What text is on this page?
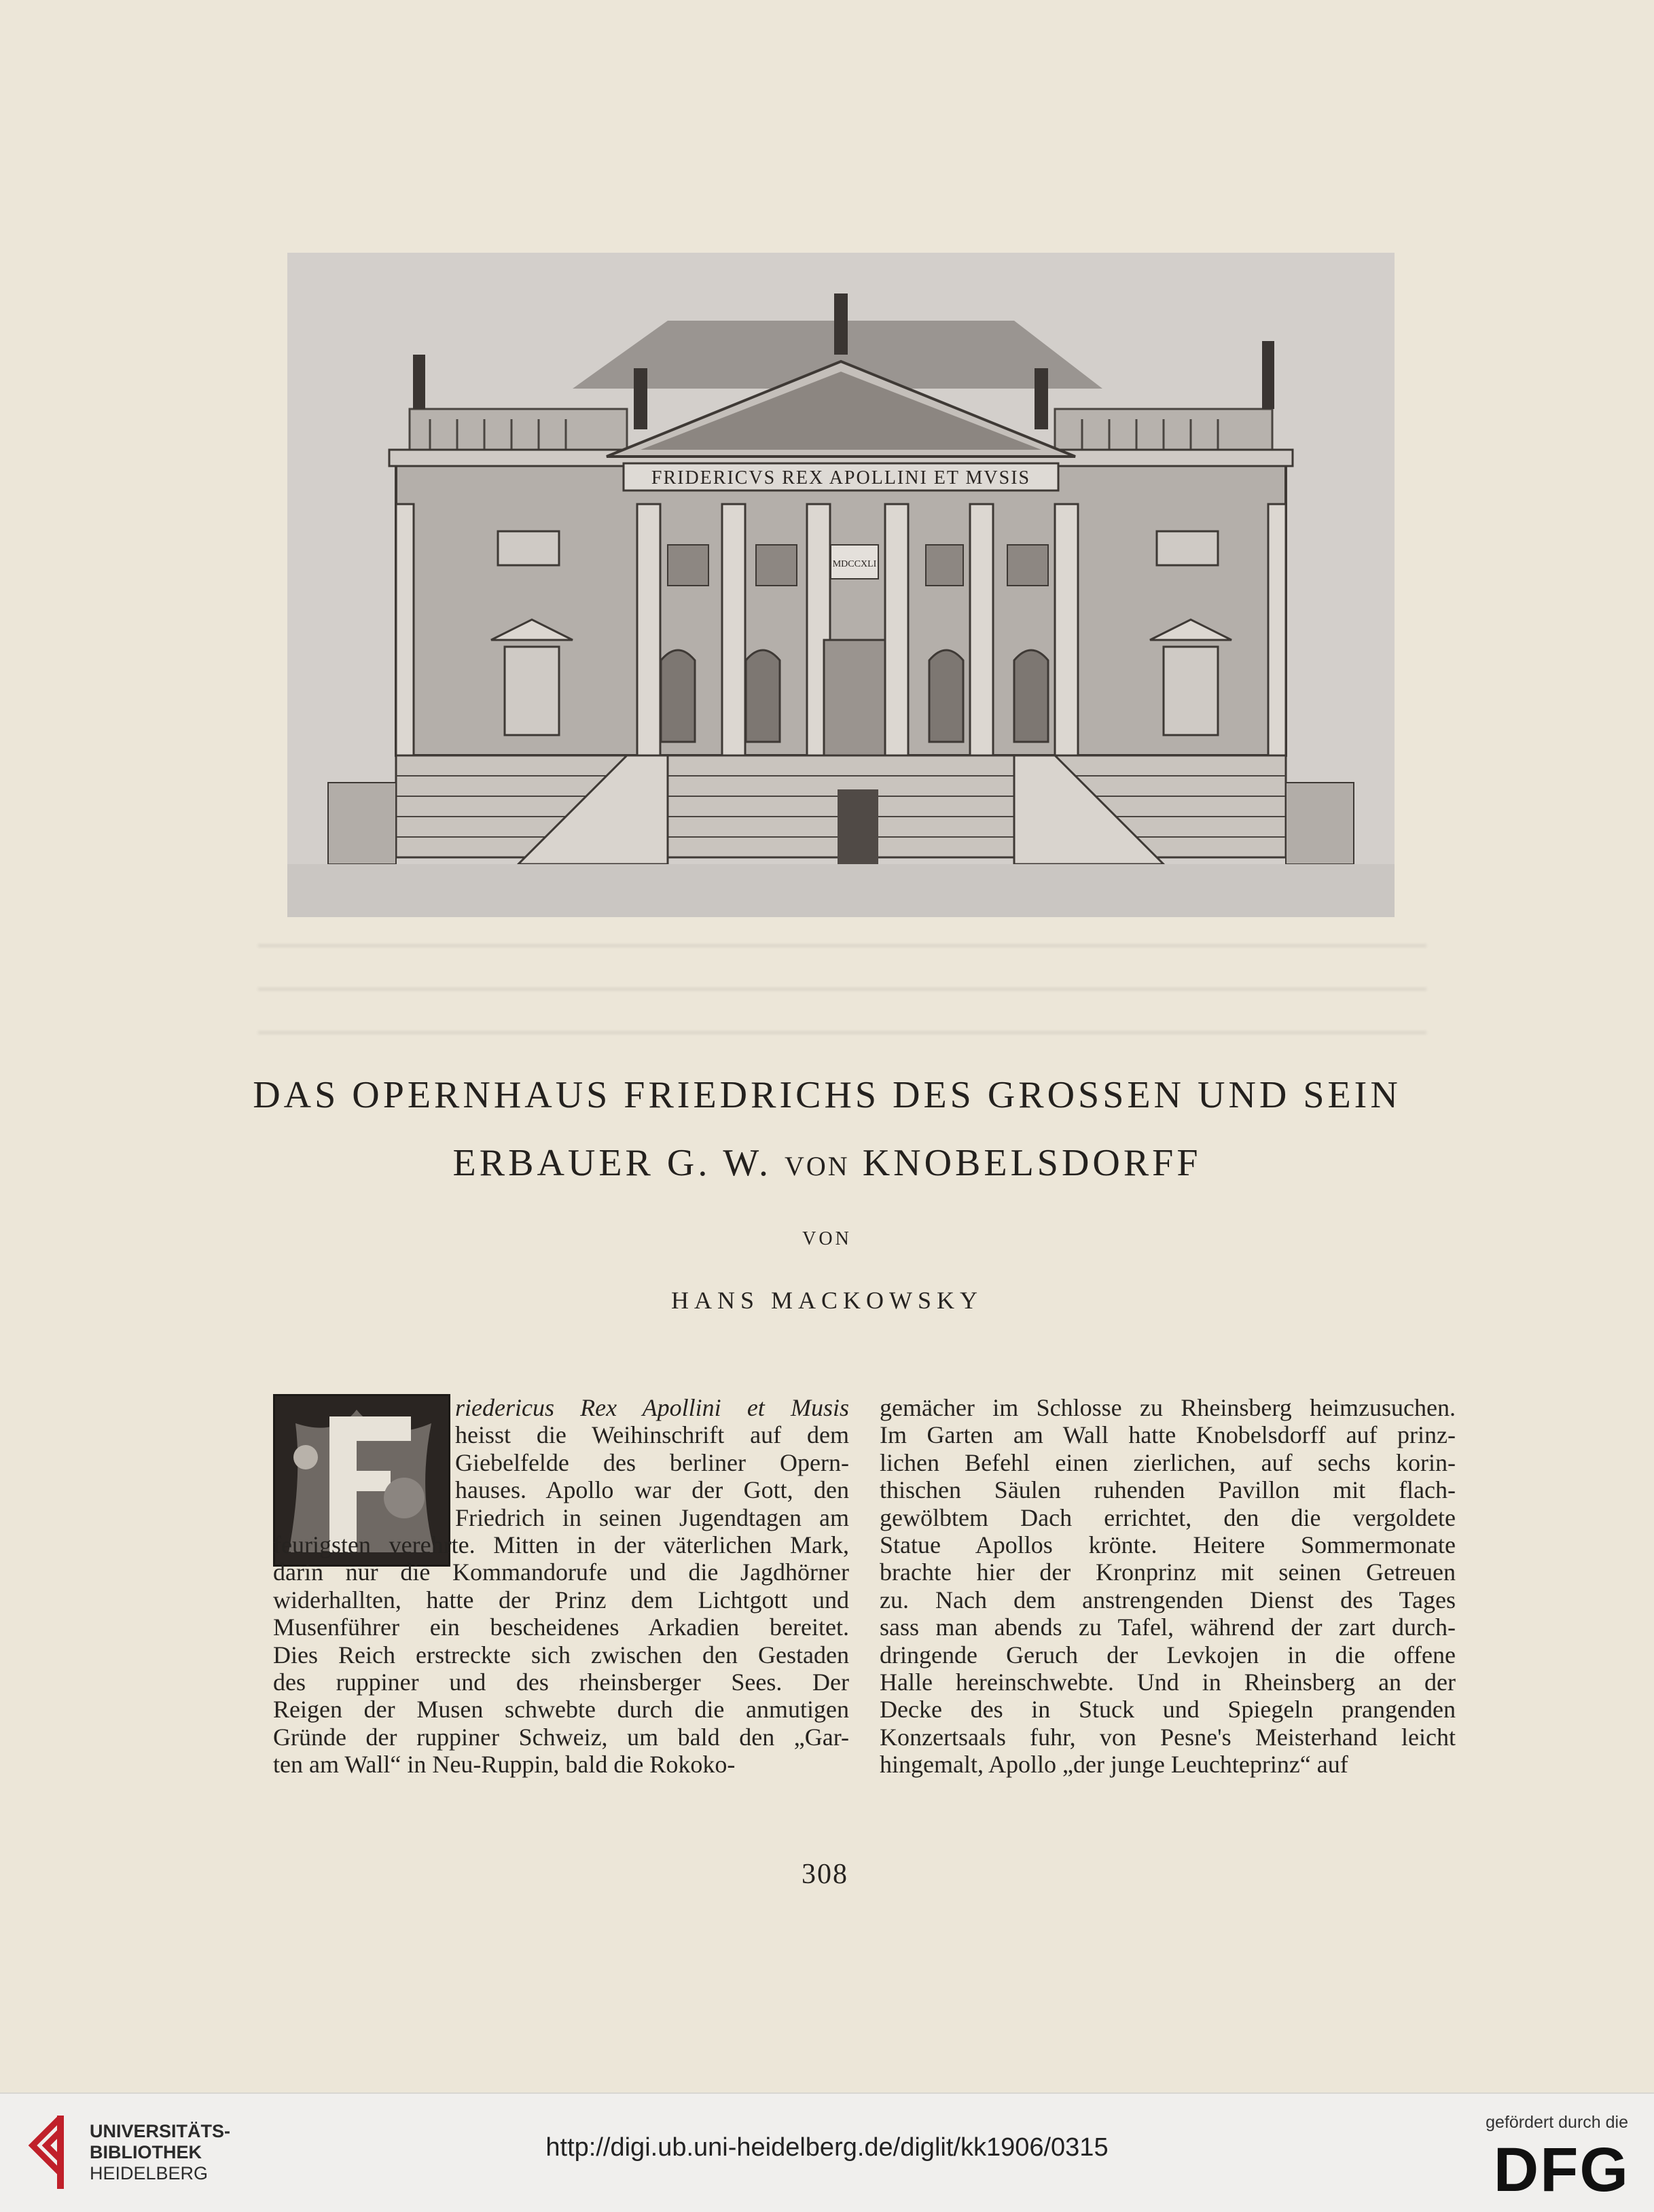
FRIDERICVS REX APOLLINI ET MVSIS
MDCCXLI
DAS OPERNHAUS FRIEDRICHS DES GROSSEN UND SEIN
ERBAUER G. W. VON KNOBELSDORFF
VON
HANS MACKOWSKY
riedericus Rex Apollini et Musis
heisst die Weihinschrift auf dem
Giebelfelde des berliner Opern-
hauses. Apollo war der Gott, den
Friedrich in seinen Jugendtagen am
feurigsten verehrte. Mitten in der väterlichen Mark,
darin nur die Kommandorufe und die Jagdhörner
widerhallten, hatte der Prinz dem Lichtgott und
Musenführer ein bescheidenes Arkadien bereitet.
Dies Reich erstreckte sich zwischen den Gestaden
des ruppiner und des rheinsberger Sees. Der
Reigen der Musen schwebte durch die anmutigen
Gründe der ruppiner Schweiz, um bald den „Gar-
ten am Wall“ in Neu-Ruppin, bald die Rokoko-
gemächer im Schlosse zu Rheinsberg heimzusuchen.
Im Garten am Wall hatte Knobelsdorff auf prinz-
lichen Befehl einen zierlichen, auf sechs korin-
thischen Säulen ruhenden Pavillon mit flach-
gewölbtem Dach errichtet, den die vergoldete
Statue Apollos krönte. Heitere Sommermonate
brachte hier der Kronprinz mit seinen Getreuen
zu. Nach dem anstrengenden Dienst des Tages
sass man abends zu Tafel, während der zart durch-
dringende Geruch der Levkojen in die offene
Halle hereinschwebte. Und in Rheinsberg an der
Decke des in Stuck und Spiegeln prangenden
Konzertsaals fuhr, von Pesne's Meisterhand leicht
hingemalt, Apollo „der junge Leuchteprinz“ auf
308
UNIVERSITÄTS-
BIBLIOTHEK
HEIDELBERG
http://digi.ub.uni-heidelberg.de/diglit/kk1906/0315
gefördert durch die
DFG
